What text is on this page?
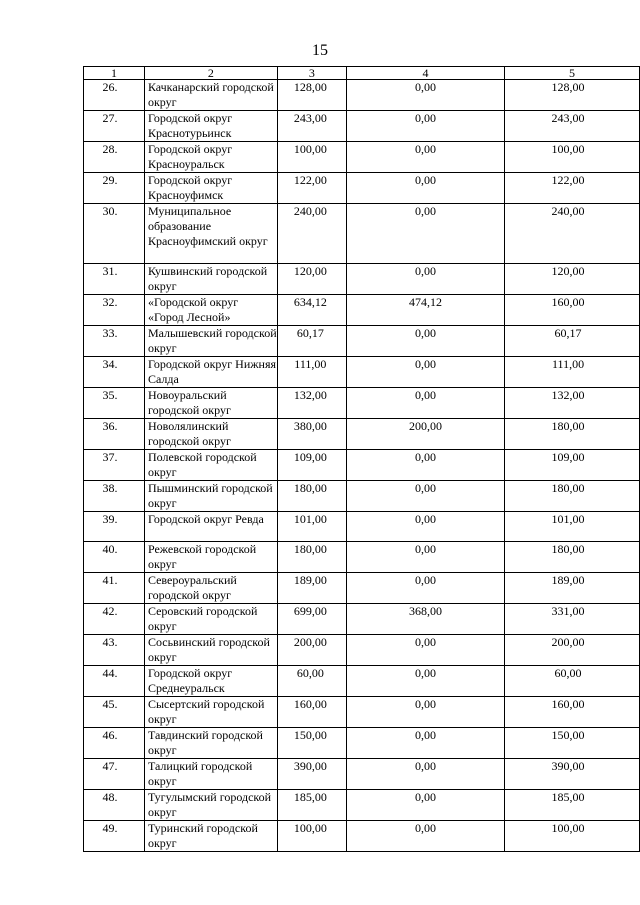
15
1	2	3	4	5
26.	Качканарский городской округ	128,00	0,00	128,00
27.	Городской округ Краснотурьинск	243,00	0,00	243,00
28.	Городской округ Красноуральск	100,00	0,00	100,00
29.	Городской округ Красноуфимск	122,00	0,00	122,00
30.	Муниципальное образование Красноуфимский округ	240,00	0,00	240,00
31.	Кушвинский городской округ	120,00	0,00	120,00
32.	«Городской округ «Город Лесной»	634,12	474,12	160,00
33.	Малышевский городской округ	60,17	0,00	60,17
34.	Городской округ Нижняя Салда	111,00	0,00	111,00
35.	Новоуральский городской округ	132,00	0,00	132,00
36.	Новолялинский городской округ	380,00	200,00	180,00
37.	Полевской городской округ	109,00	0,00	109,00
38.	Пышминский городской округ	180,00	0,00	180,00
39.	Городской округ Ревда	101,00	0,00	101,00
40.	Режевской городской округ	180,00	0,00	180,00
41.	Североуральский городской округ	189,00	0,00	189,00
42.	Серовский городской округ	699,00	368,00	331,00
43.	Сосьвинский городской округ	200,00	0,00	200,00
44.	Городской округ Среднеуральск	60,00	0,00	60,00
45.	Сысертский городской округ	160,00	0,00	160,00
46.	Тавдинский городской округ	150,00	0,00	150,00
47.	Талицкий городской округ	390,00	0,00	390,00
48.	Тугулымский городской округ	185,00	0,00	185,00
49.	Туринский городской округ	100,00	0,00	100,00
